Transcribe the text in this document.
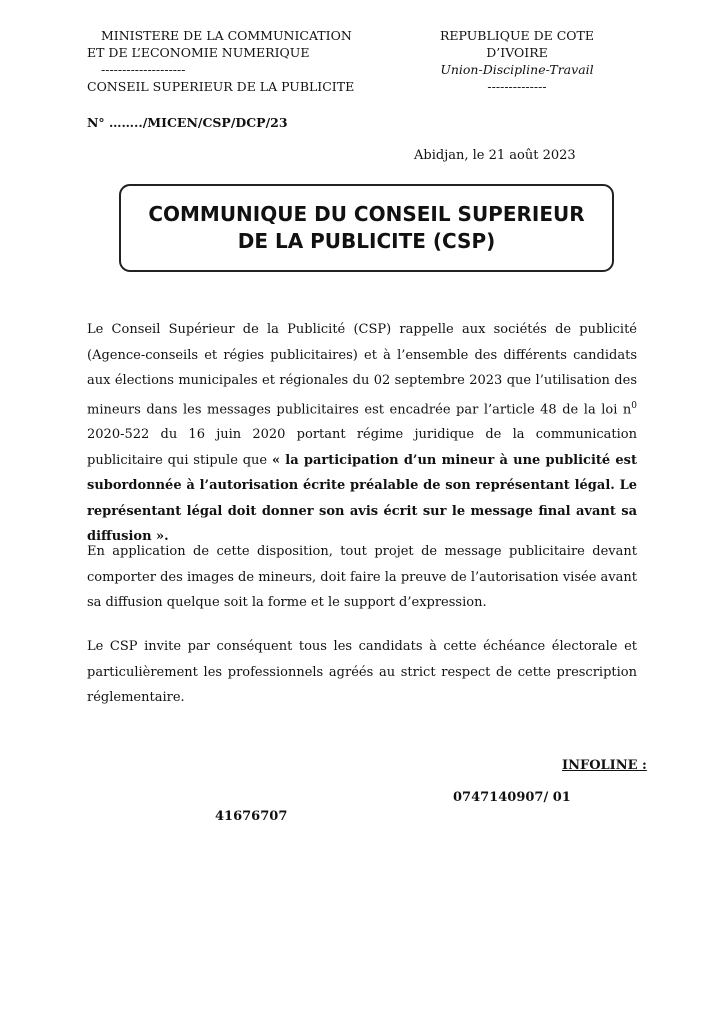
MINISTERE DE LA COMMUNICATION
ET DE L’ECONOMIE NUMERIQUE
--------------------
REPUBLIQUE DE COTE D’IVOIRE
Union-Discipline-Travail
--------------
CONSEIL SUPERIEUR DE LA PUBLICITE
N° ……../MICEN/CSP/DCP/23
Abidjan, le 21 août 2023
COMMUNIQUE DU CONSEIL SUPERIEUR
DE LA PUBLICITE (CSP)
Le Conseil Supérieur de la Publicité (CSP) rappelle aux sociétés de publicité (Agence-conseils et régies publicitaires) et à l’ensemble des différents candidats aux élections municipales et régionales du 02 septembre 2023 que l’utilisation des mineurs dans les messages publicitaires est encadrée par l’article 48 de la loi $n^0$ 2020-522 du 16 juin 2020 portant régime juridique de la communication publicitaire qui stipule que « la participation d’un mineur à une publicité est subordonnée à l’autorisation écrite préalable de son représentant légal. Le représentant légal doit donner son avis écrit sur le message final avant sa diffusion ».
En application de cette disposition, tout projet de message publicitaire devant comporter des images de mineurs, doit faire la preuve de l’autorisation visée avant sa diffusion quelque soit la forme et le support d’expression.
Le CSP invite par conséquent tous les candidats à cette échéance électorale et particulièrement les professionnels agréés au strict respect de cette prescription réglementaire.
INFOLINE :
0747140907/ 01
41676707
